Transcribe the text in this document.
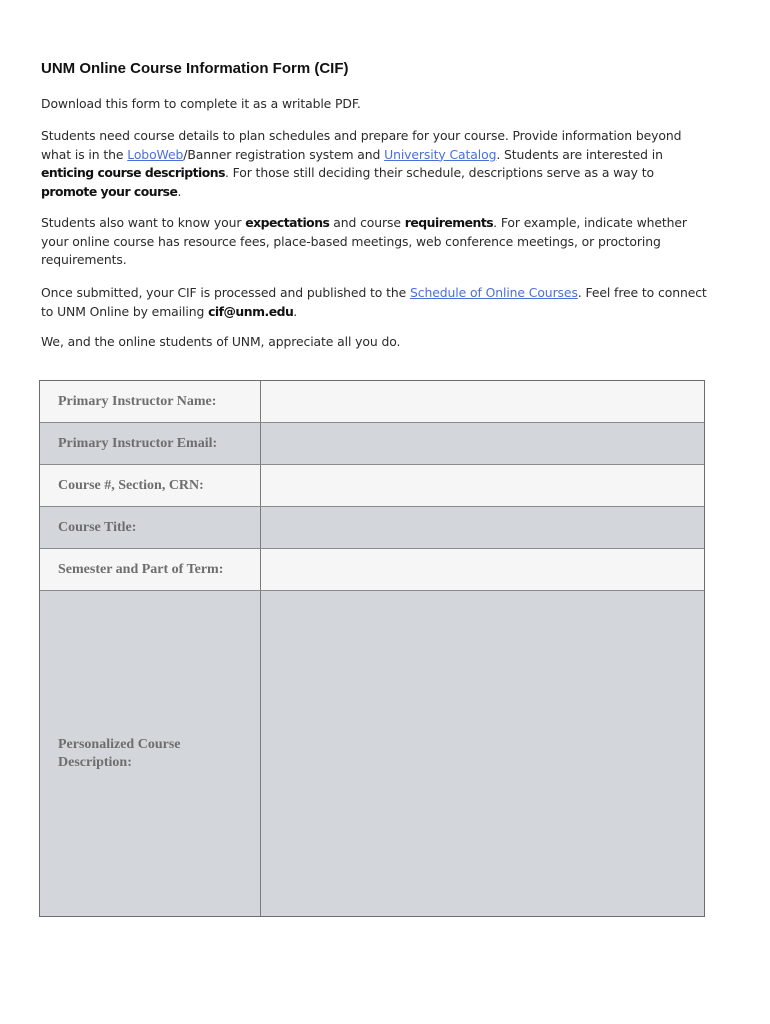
UNM Online Course Information Form (CIF)
Download this form to complete it as a writable PDF.
Students need course details to plan schedules and prepare for your course. Provide information beyond what is in the LoboWeb/Banner registration system and University Catalog. Students are interested in enticing course descriptions. For those still deciding their schedule, descriptions serve as a way to promote your course.
Students also want to know your expectations and course requirements. For example, indicate whether your online course has resource fees, place-based meetings, web conference meetings, or proctoring requirements.
Once submitted, your CIF is processed and published to the Schedule of Online Courses. Feel free to connect to UNM Online by emailing cif@unm.edu.
We, and the online students of UNM, appreciate all you do.
Primary Instructor Name:
Primary Instructor Email:
Course #, Section, CRN:
Course Title:
Semester and Part of Term:
Personalized Course Description:
